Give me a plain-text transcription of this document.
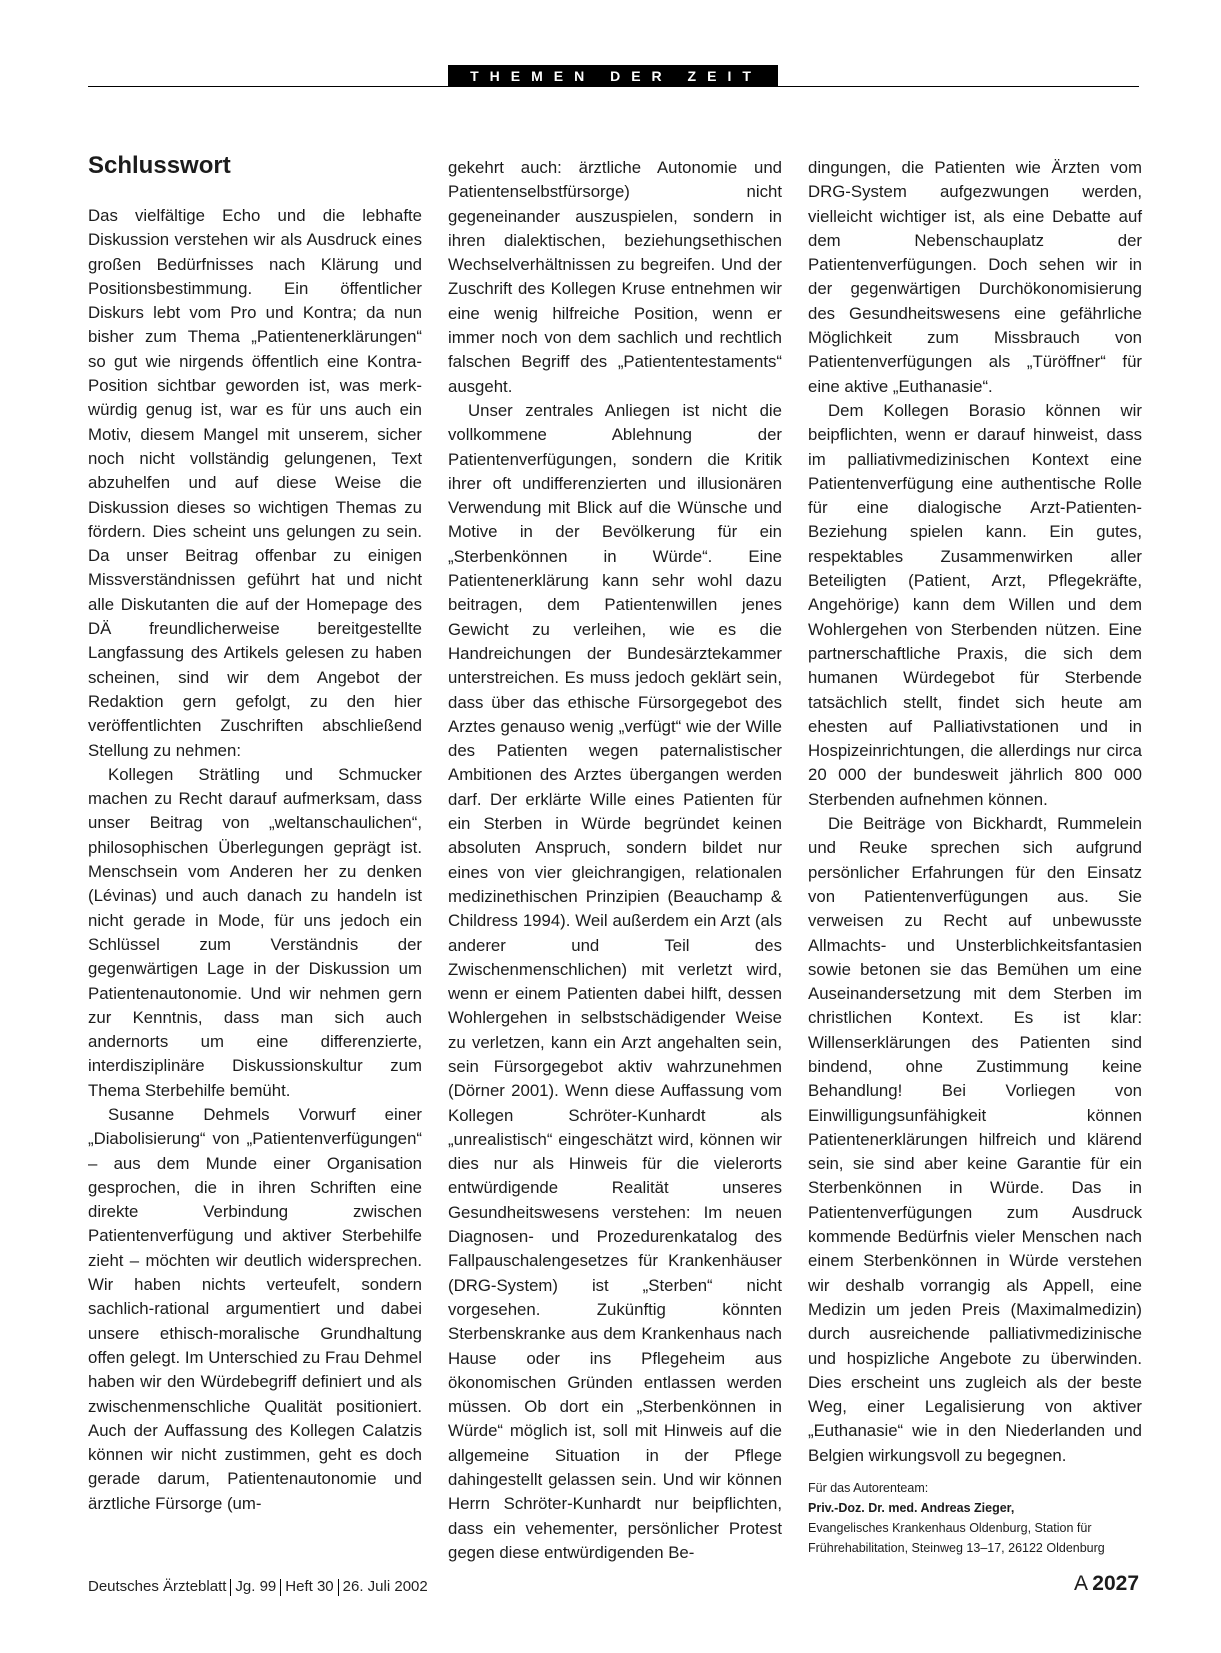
THEMEN DER ZEIT
Schlusswort

Das vielfältige Echo und die lebhafte Diskussion verstehen wir als Ausdruck eines großen Bedürfnisses nach Klärung und Positionsbestimmung. Ein öffentlicher Diskurs lebt vom Pro und Kontra; da nun bisher zum Thema „Patientenerklärungen“ so gut wie nirgends öffentlich eine Kontra-Position sichtbar geworden ist, was merk-würdig genug ist, war es für uns auch ein Motiv, diesem Mangel mit unserem, sicher noch nicht vollständig gelungenen, Text abzuhelfen und auf diese Weise die Diskussion dieses so wichtigen Themas zu fördern. Dies scheint uns gelungen zu sein. Da unser Beitrag offenbar zu einigen Missverständnissen geführt hat und nicht alle Diskutanten die auf der Homepage des DÄ freundlicherweise bereitgestellte Langfassung des Artikels gelesen zu haben scheinen, sind wir dem Angebot der Redaktion gern gefolgt, zu den hier veröffentlichten Zuschriften abschließend Stellung zu nehmen:

Kollegen Strätling und Schmucker machen zu Recht darauf aufmerksam, dass unser Beitrag von „weltanschaulichen“, philosophischen Überlegungen geprägt ist. Menschsein vom Anderen her zu denken (Lévinas) und auch danach zu handeln ist nicht gerade in Mode, für uns jedoch ein Schlüssel zum Verständnis der gegenwärtigen Lage in der Diskussion um Patientenautonomie. Und wir nehmen gern zur Kenntnis, dass man sich auch andernorts um eine differenzierte, interdisziplinäre Diskussionskultur zum Thema Sterbehilfe bemüht.

Susanne Dehmels Vorwurf einer „Diabolisierung“ von „Patientenverfügungen“ – aus dem Munde einer Organisation gesprochen, die in ihren Schriften eine direkte Verbindung zwischen Patientenverfügung und aktiver Sterbehilfe zieht – möchten wir deutlich widersprechen. Wir haben nichts verteufelt, sondern sachlich-rational argumentiert und dabei unsere ethisch-moralische Grundhaltung offen gelegt. Im Unterschied zu Frau Dehmel haben wir den Würdebegriff definiert und als zwischenmenschliche Qualität positioniert. Auch der Auffassung des Kollegen Calatzis können wir nicht zustimmen, geht es doch gerade darum, Patientenautonomie und ärztliche Fürsorge (um-

gekehrt auch: ärztliche Autonomie und Patientenselbstfürsorge) nicht gegeneinander auszuspielen, sondern in ihren dialektischen, beziehungsethischen Wechselverhältnissen zu begreifen. Und der Zuschrift des Kollegen Kruse entnehmen wir eine wenig hilfreiche Position, wenn er immer noch von dem sachlich und rechtlich falschen Begriff des „Patiententestaments“ ausgeht.

Unser zentrales Anliegen ist nicht die vollkommene Ablehnung der Patientenverfügungen, sondern die Kritik ihrer oft undifferenzierten und illusionären Verwendung mit Blick auf die Wünsche und Motive in der Bevölkerung für ein „Sterbenkönnen in Würde“. Eine Patientenerklärung kann sehr wohl dazu beitragen, dem Patientenwillen jenes Gewicht zu verleihen, wie es die Handreichungen der Bundesärztekammer unterstreichen. Es muss jedoch geklärt sein, dass über das ethische Fürsorgegebot des Arztes genauso wenig „verfügt“ wie der Wille des Patienten wegen paternalistischer Ambitionen des Arztes übergangen werden darf. Der erklärte Wille eines Patienten für ein Sterben in Würde begründet keinen absoluten Anspruch, sondern bildet nur eines von vier gleichrangigen, relationalen medizinethischen Prinzipien (Beauchamp & Childress 1994). Weil außerdem ein Arzt (als anderer und Teil des Zwischenmenschlichen) mit verletzt wird, wenn er einem Patienten dabei hilft, dessen Wohlergehen in selbstschädigender Weise zu verletzen, kann ein Arzt angehalten sein, sein Fürsorgegebot aktiv wahrzunehmen (Dörner 2001). Wenn diese Auffassung vom Kollegen Schröter-Kunhardt als „unrealistisch“ eingeschätzt wird, können wir dies nur als Hinweis für die vielerorts entwürdigende Realität unseres Gesundheitswesens verstehen: Im neuen Diagnosen- und Prozedurenkatalog des Fallpauschalengesetzes für Krankenhäuser (DRG-System) ist „Sterben“ nicht vorgesehen. Zukünftig könnten Sterbenskranke aus dem Krankenhaus nach Hause oder ins Pflegeheim aus ökonomischen Gründen entlassen werden müssen. Ob dort ein „Sterbenkönnen in Würde“ möglich ist, soll mit Hinweis auf die allgemeine Situation in der Pflege dahingestellt gelassen sein. Und wir können Herrn Schröter-Kunhardt nur beipflichten, dass ein vehementer, persönlicher Protest gegen diese entwürdigenden Be-

dingungen, die Patienten wie Ärzten vom DRG-System aufgezwungen werden, vielleicht wichtiger ist, als eine Debatte auf dem Nebenschauplatz der Patientenverfügungen. Doch sehen wir in der gegenwärtigen Durchökonomisierung des Gesundheitswesens eine gefährliche Möglichkeit zum Missbrauch von Patientenverfügungen als „Türöffner“ für eine aktive „Euthanasie“.

Dem Kollegen Borasio können wir beipflichten, wenn er darauf hinweist, dass im palliativmedizinischen Kontext eine Patientenverfügung eine authentische Rolle für eine dialogische Arzt-Patienten-Beziehung spielen kann. Ein gutes, respektables Zusammenwirken aller Beteiligten (Patient, Arzt, Pflegekräfte, Angehörige) kann dem Willen und dem Wohlergehen von Sterbenden nützen. Eine partnerschaftliche Praxis, die sich dem humanen Würdegebot für Sterbende tatsächlich stellt, findet sich heute am ehesten auf Palliativstationen und in Hospizeinrichtungen, die allerdings nur circa 20 000 der bundesweit jährlich 800 000 Sterbenden aufnehmen können.

Die Beiträge von Bickhardt, Rummelein und Reuke sprechen sich aufgrund persönlicher Erfahrungen für den Einsatz von Patientenverfügungen aus. Sie verweisen zu Recht auf unbewusste Allmachts- und Unsterblichkeitsfantasien sowie betonen sie das Bemühen um eine Auseinandersetzung mit dem Sterben im christlichen Kontext. Es ist klar: Willenserklärungen des Patienten sind bindend, ohne Zustimmung keine Behandlung! Bei Vorliegen von Einwilligungsunfähigkeit können Patientenerklärungen hilfreich und klärend sein, sie sind aber keine Garantie für ein Sterbenkönnen in Würde. Das in Patientenverfügungen zum Ausdruck kommende Bedürfnis vieler Menschen nach einem Sterbenkönnen in Würde verstehen wir deshalb vorrangig als Appell, eine Medizin um jeden Preis (Maximalmedizin) durch ausreichende palliativmedizinische und hospizliche Angebote zu überwinden. Dies erscheint uns zugleich als der beste Weg, einer Legalisierung von aktiver „Euthanasie“ wie in den Niederlanden und Belgien wirkungsvoll zu begegnen.

Für das Autorenteam:
Priv.-Doz. Dr. med. Andreas Zieger,
Evangelisches Krankenhaus Oldenburg, Station für
Frührehabilitation, Steinweg 13–17, 26122 Oldenburg
Deutsches Ärzteblatt Jg. 99 Heft 30 26. Juli 2002	A  2027
